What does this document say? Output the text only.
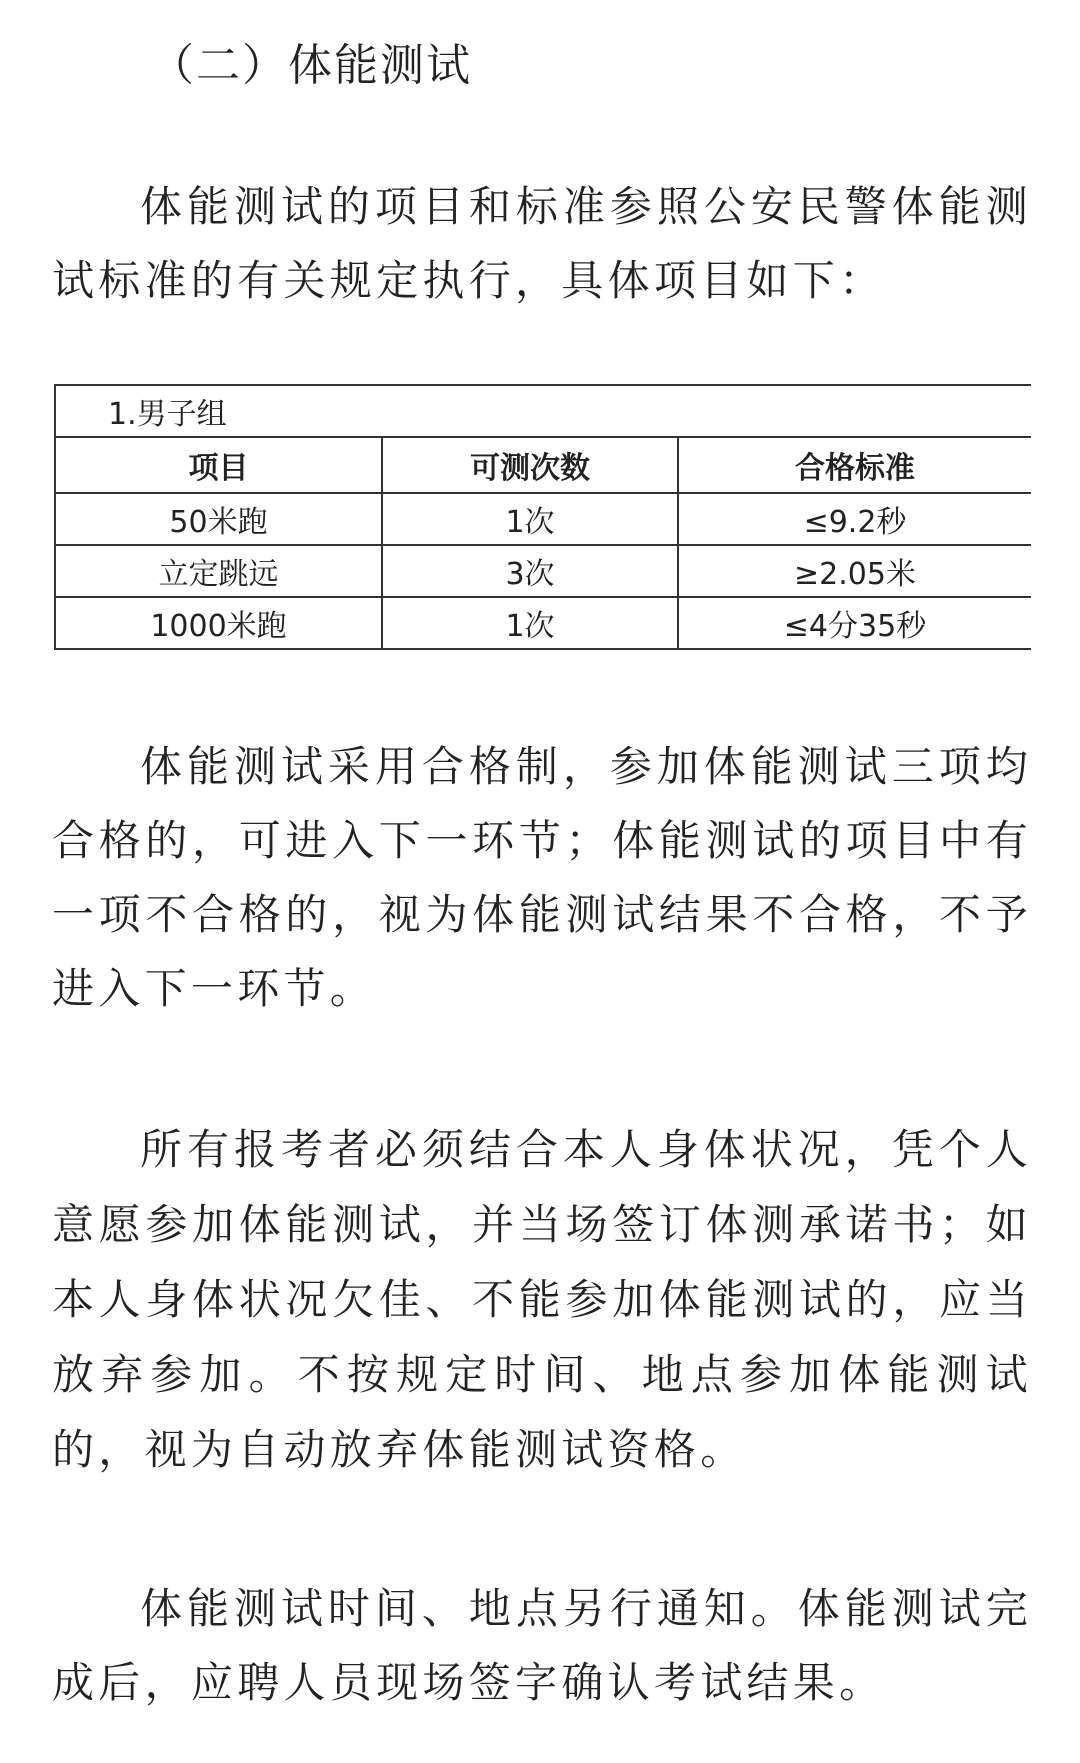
（二）体能测试

体能测试的项目和标准参照公安民警体能测试标准的有关规定执行，具体项目如下：

1.男子组		
项目	可测次数	合格标准
50米跑	1次	≤9.2秒
立定跳远	3次	≥2.05米
1000米跑	1次	≤4分35秒

体能测试采用合格制，参加体能测试三项均合格的，可进入下一环节；体能测试的项目中有一项不合格的，视为体能测试结果不合格，不予进入下一环节。

所有报考者必须结合本人身体状况，凭个人意愿参加体能测试，并当场签订体测承诺书；如本人身体状况欠佳、不能参加体能测试的，应当放弃参加。不按规定时间、地点参加体能测试的，视为自动放弃体能测试资格。

体能测试时间、地点另行通知。体能测试完成后，应聘人员现场签字确认考试结果。
